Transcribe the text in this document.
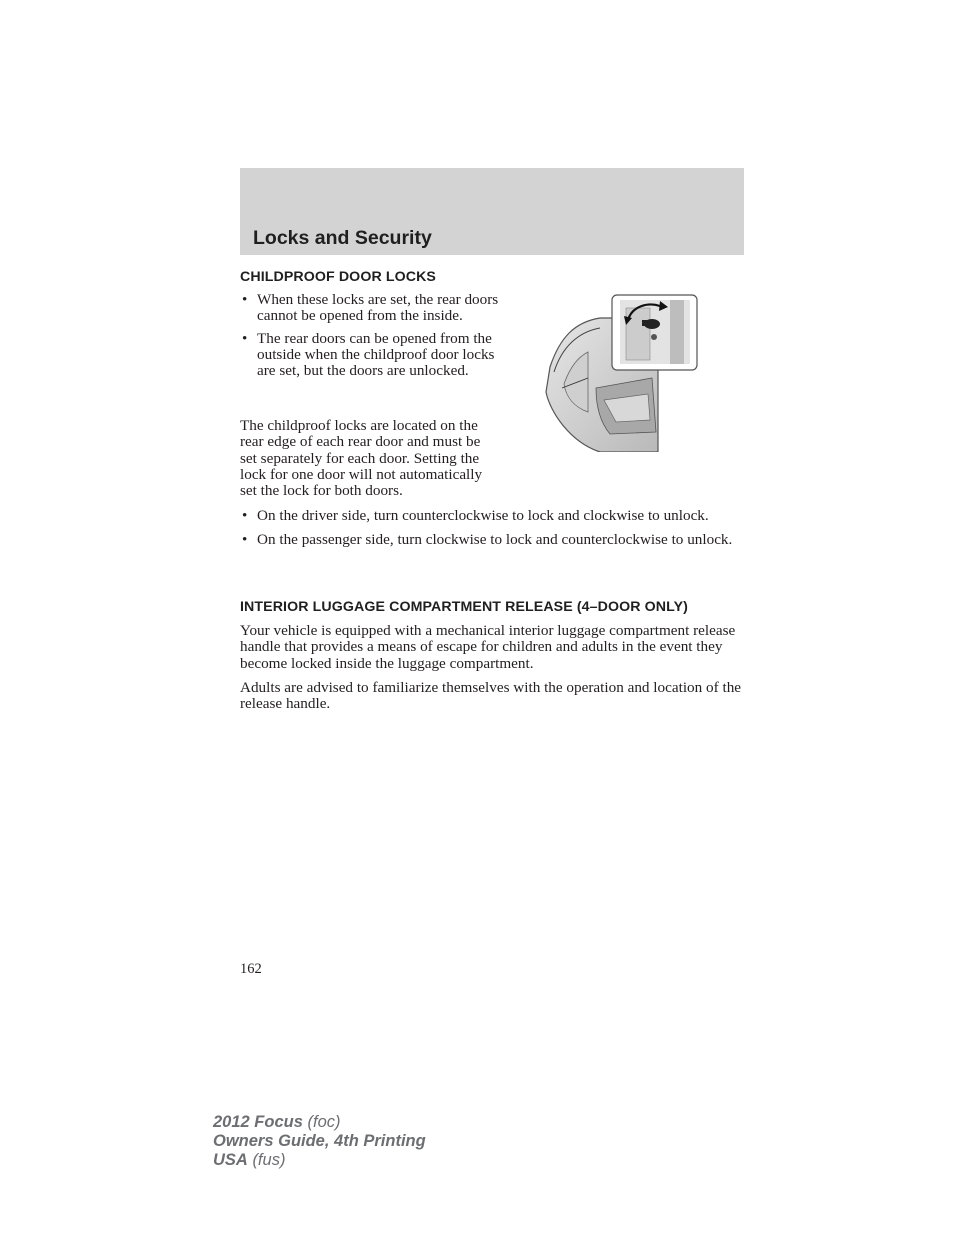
Locks and Security
CHILDPROOF DOOR LOCKS

• When these locks are set, the rear doors cannot be opened from the inside.

• The rear doors can be opened from the outside when the childproof door locks are set, but the doors are unlocked.

The childproof locks are located on the rear edge of each rear door and must be set separately for each door. Setting the lock for one door will not automatically set the lock for both doors.

• On the driver side, turn counterclockwise to lock and clockwise to unlock.

• On the passenger side, turn clockwise to lock and counterclockwise to unlock.

INTERIOR LUGGAGE COMPARTMENT RELEASE (4–DOOR ONLY)

Your vehicle is equipped with a mechanical interior luggage compartment release handle that provides a means of escape for children and adults in the event they become locked inside the luggage compartment.

Adults are advised to familiarize themselves with the operation and location of the release handle.

162
2012 Focus (foc)
Owners Guide, 4th Printing
USA (fus)
